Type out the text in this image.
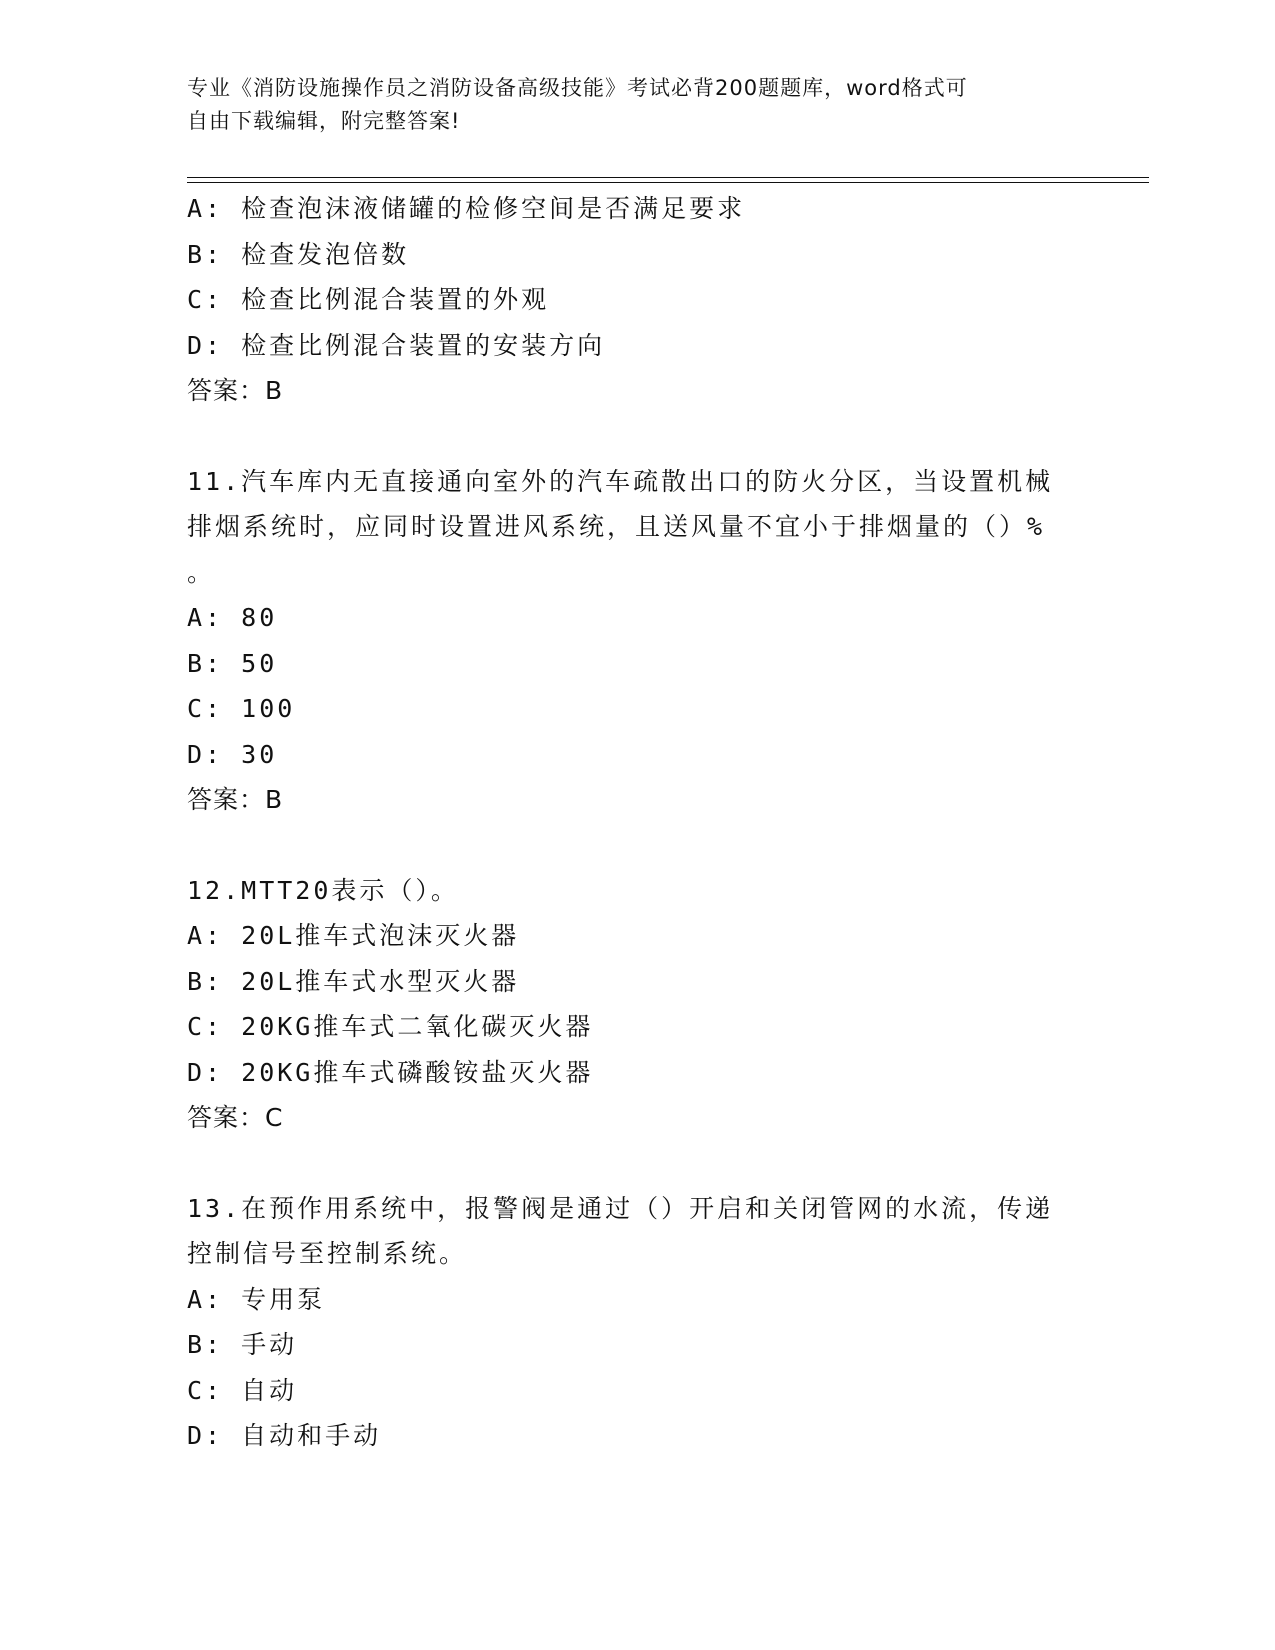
专业《消防设施操作员之消防设备高级技能》考试必背200题题库，word格式可
自由下载编辑，附完整答案!
A: 检查泡沫液储罐的检修空间是否满足要求
B: 检查发泡倍数
C: 检查比例混合装置的外观
D: 检查比例混合装置的安装方向
答案：B
11.汽车库内无直接通向室外的汽车疏散出口的防火分区，当设置机械
排烟系统时，应同时设置进风系统，且送风量不宜小于排烟量的（）%
。
A: 80
B: 50
C: 100
D: 30
答案：B
12.MTT20表示（）。
A: 20L推车式泡沫灭火器
B: 20L推车式水型灭火器
C: 20KG推车式二氧化碳灭火器
D: 20KG推车式磷酸铵盐灭火器
答案：C
13.在预作用系统中，报警阀是通过（）开启和关闭管网的水流，传递
控制信号至控制系统。
A: 专用泵
B: 手动
C: 自动
D: 自动和手动
